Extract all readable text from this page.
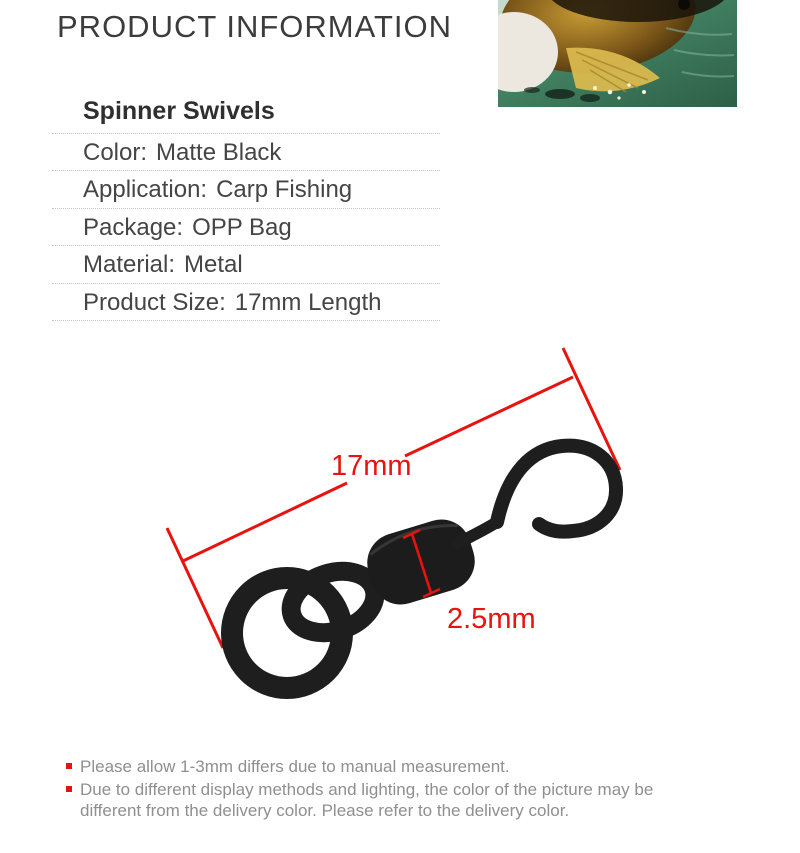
PRODUCT INFORMATION
Spinner Swivels
Color: Matte Black
Application: Carp Fishing
Package: OPP Bag
Material: Metal
Product Size: 17mm Length
17mm
2.5mm
Please allow 1-3mm differs due to manual measurement.
Due to different display methods and lighting, the color of the picture may be different from the delivery color. Please refer to the delivery color.
